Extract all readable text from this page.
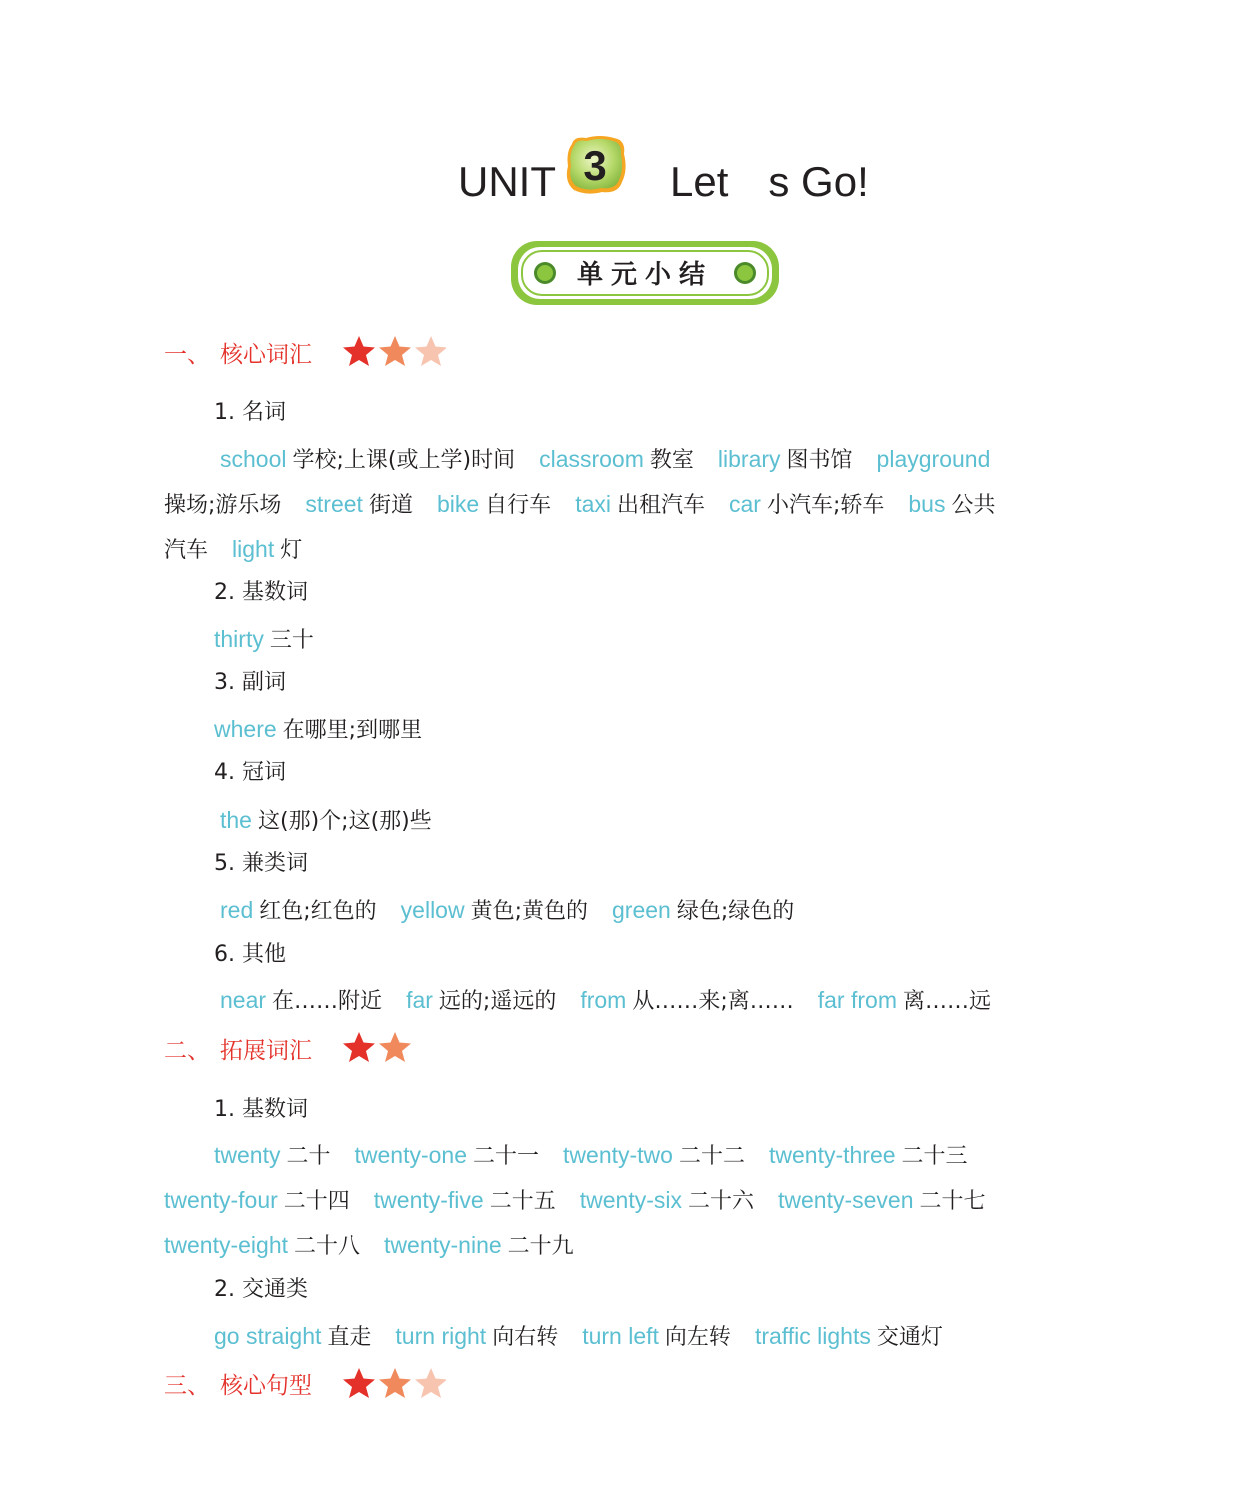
UNIT 3 Let s Go!
单元小结
一、 核心词汇
1. 名词
school 学校;上课(或上学)时间 classroom 教室 library 图书馆 playground
操场;游乐场 street 街道 bike 自行车 taxi 出租汽车 car 小汽车;轿车 bus 公共
汽车 light 灯
2. 基数词
thirty 三十
3. 副词
where 在哪里;到哪里
4. 冠词
the 这(那)个;这(那)些
5. 兼类词
red 红色;红色的 yellow 黄色;黄色的 green 绿色;绿色的
6. 其他
near 在……附近 far 远的;遥远的 from 从……来;离…… far from 离……远
二、 拓展词汇
1. 基数词
twenty 二十 twenty-one 二十一 twenty-two 二十二 twenty-three 二十三
twenty-four 二十四 twenty-five 二十五 twenty-six 二十六 twenty-seven 二十七
twenty-eight 二十八 twenty-nine 二十九
2. 交通类
go straight 直走 turn right 向右转 turn left 向左转 traffic lights 交通灯
三、 核心句型
